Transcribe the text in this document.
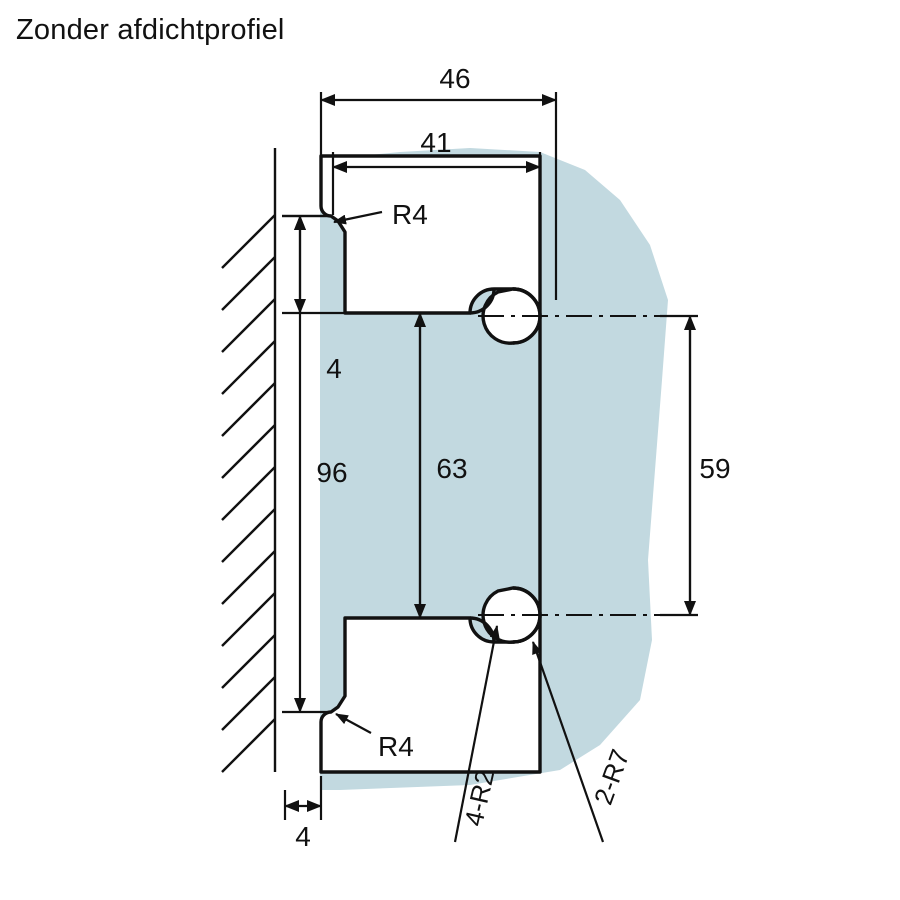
Zonder afdichtprofiel
46
41
4
96	63	59
4
R4
R4
4-R2	2-R7
